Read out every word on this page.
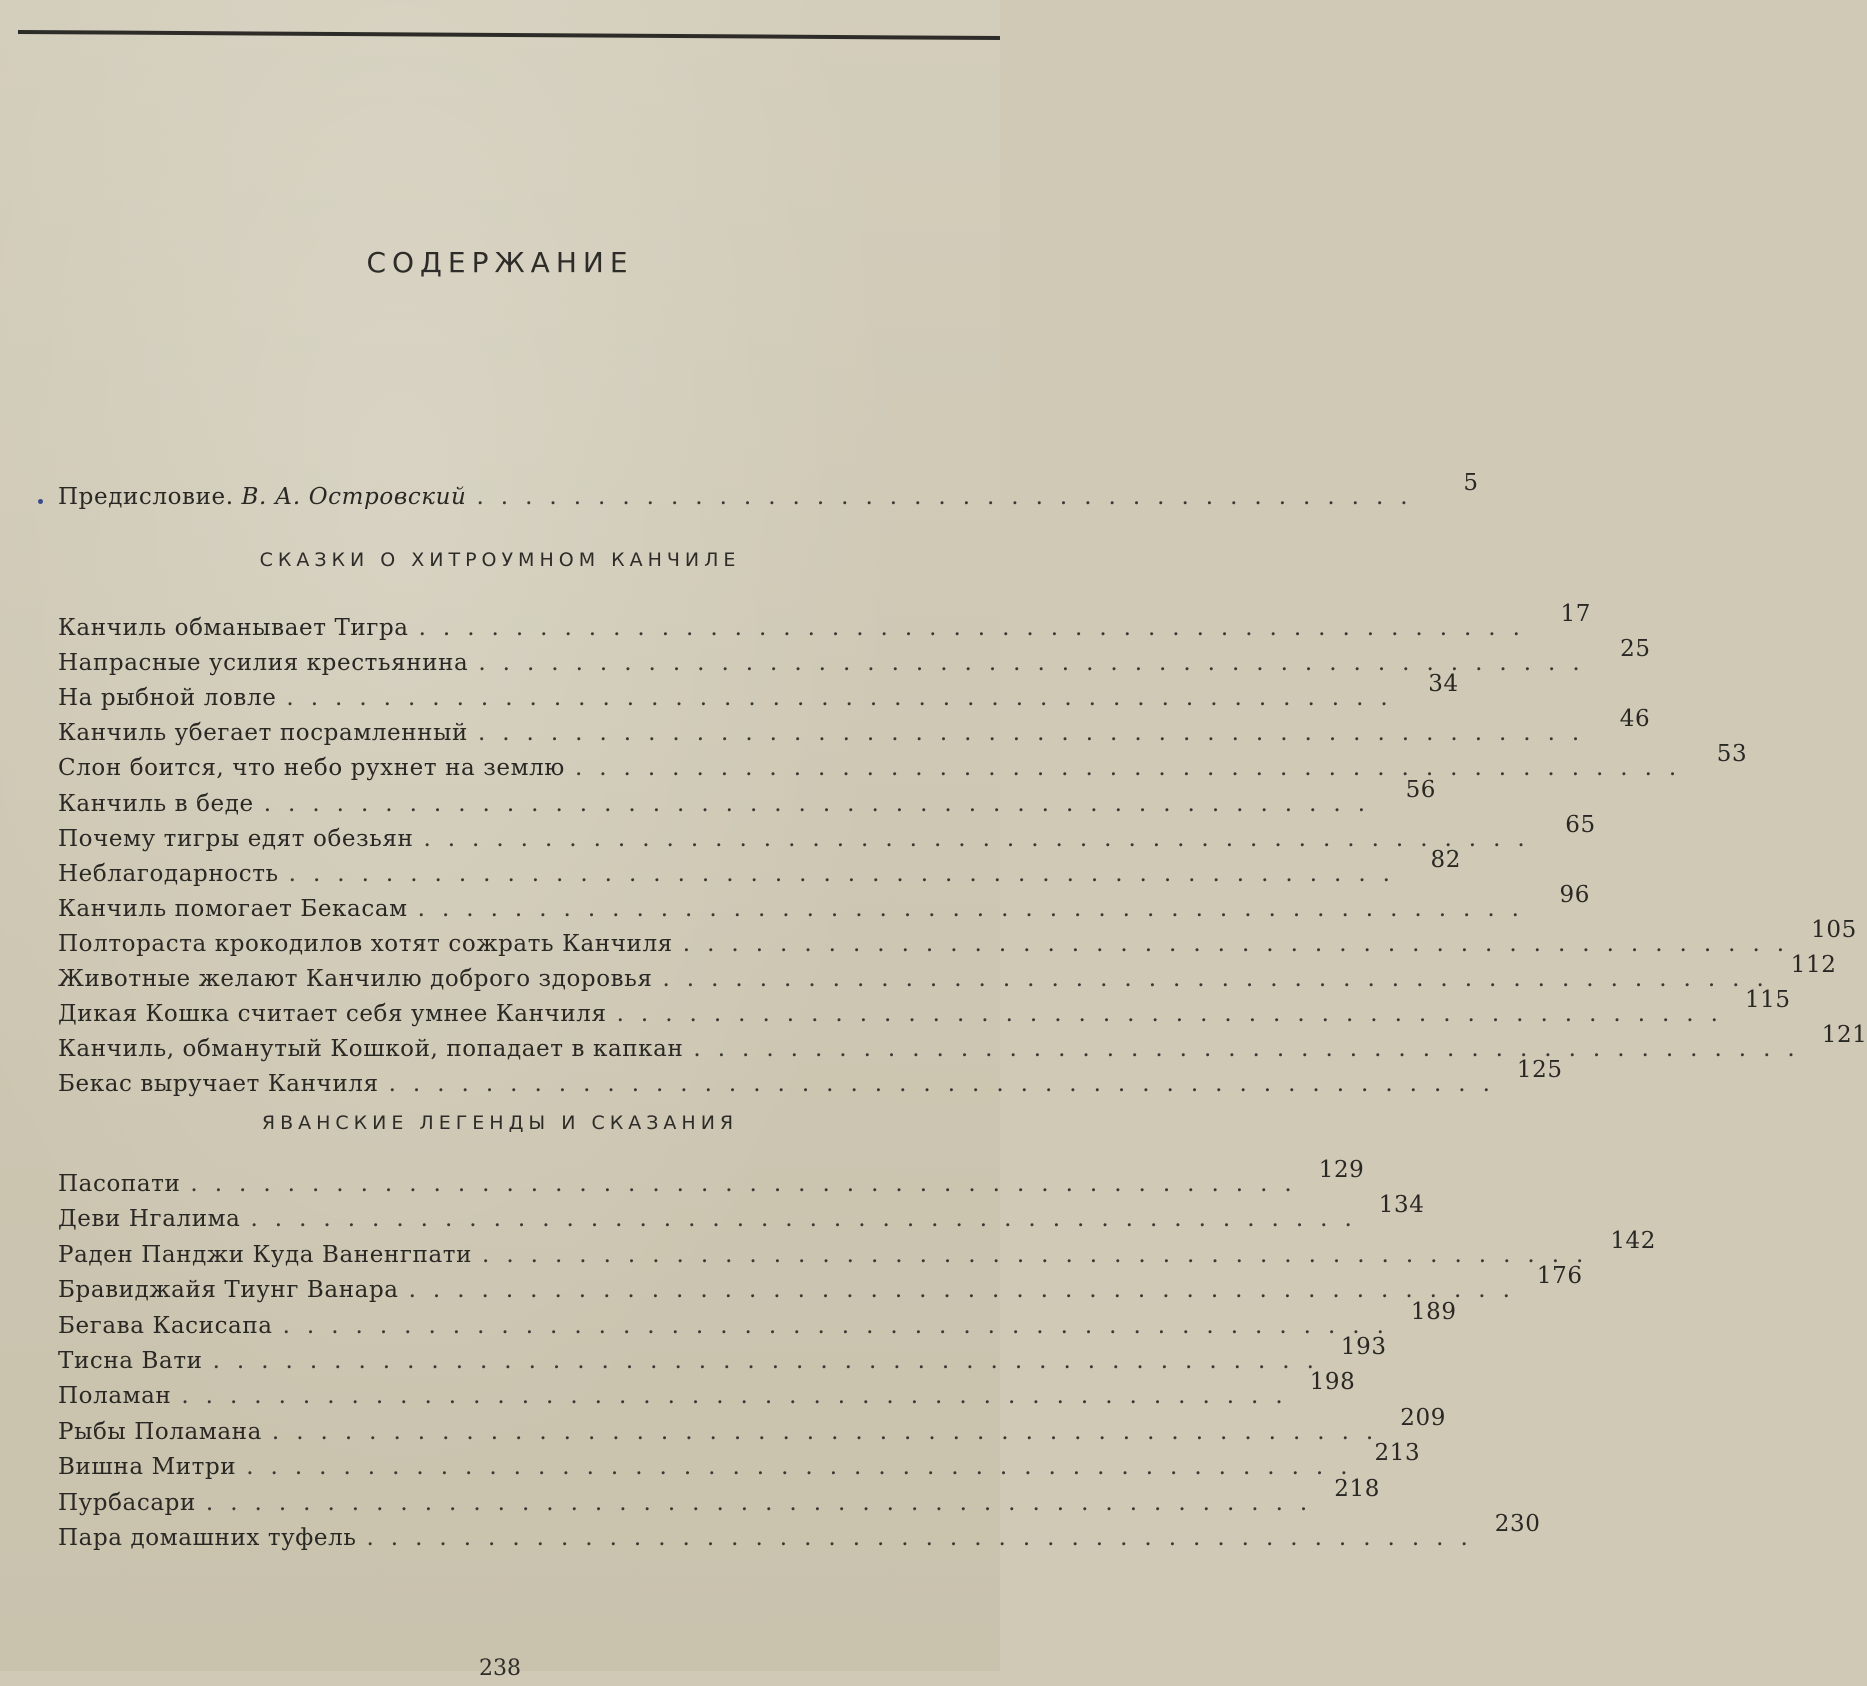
СОДЕРЖАНИЕ
Предисловие. В. А. Островский .......................................
5
СКАЗКИ О ХИТРОУМНОМ КАНЧИЛЕ
Канчиль обманывает Тигра ..............................................
17
Напрасные усилия крестьянина ..............................................
25
На рыбной ловле ..............................................
34
Канчиль убегает посрамленный ..............................................
46
Слон боится, что небо рухнет на землю ..............................................
53
Канчиль в беде ..............................................
56
Почему тигры едят обезьян ..............................................
65
Неблагодарность ..............................................
82
Канчиль помогает Бекасам ..............................................
96
Полтораста крокодилов хотят сожрать Канчиля ..............................................
105
Животные желают Канчилю доброго здоровья ..............................................
112
Дикая Кошка считает себя умнее Канчиля ..............................................
115
Канчиль, обманутый Кошкой, попадает в капкан ..............................................
121
Бекас выручает Канчиля ..............................................
125
ЯВАНСКИЕ ЛЕГЕНДЫ И СКАЗАНИЯ
Пасопати ..............................................
129
Деви Нгалима ..............................................
134
Раден Панджи Куда Ваненгпати ..............................................
142
Бравиджайя Тиунг Ванара ..............................................
176
Бегава Касисапа ..............................................
189
Тисна Вати ..............................................
193
Поламан ..............................................
198
Рыбы Поламана ..............................................
209
Вишна Митри ..............................................
213
Пурбасари ..............................................
218
Пара домашних туфель ..............................................
230
238
